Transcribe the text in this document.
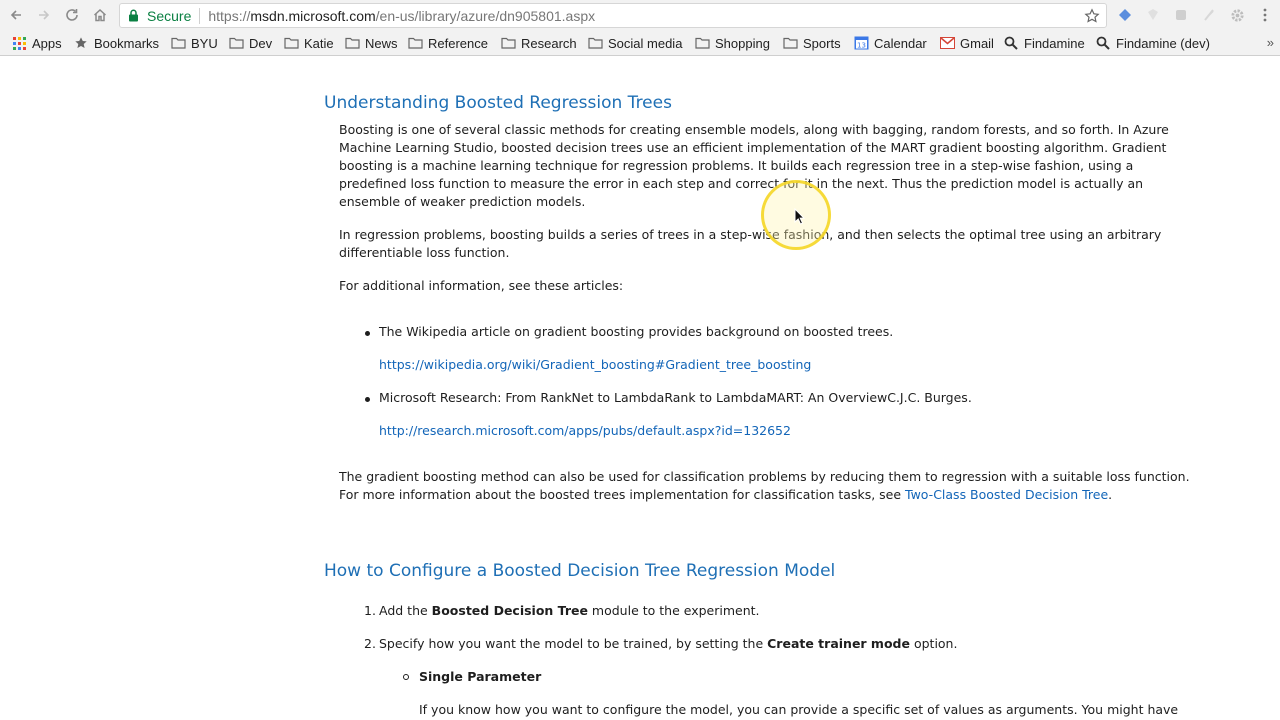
Secure https://msdn.microsoft.com/en-us/library/azure/dn905801.aspx
Apps Bookmarks BYU Dev Katie News Reference	Research Social media	Shopping	Sports 13 Calendar	Gmail Findamine Findamine (dev)	»
Understanding Boosted Regression Trees

Boosting is one of several classic methods for creating ensemble models, along with bagging, random forests, and so forth. In Azure Machine Learning Studio, boosted decision trees use an efficient implementation of the MART gradient boosting algorithm. Gradient boosting is a machine learning technique for regression problems. It builds each regression tree in a step-wise fashion, using a predefined loss function to measure the error in each step and correct for it in the next. Thus the prediction model is actually an ensemble of weaker prediction models.

In regression problems, boosting builds a series of trees in a step-wise fashion, and then selects the optimal tree using an arbitrary differentiable loss function.

For additional information, see these articles:

The Wikipedia article on gradient boosting provides background on boosted trees.

https://wikipedia.org/wiki/Gradient_boosting#Gradient_tree_boosting

Microsoft Research: From RankNet to LambdaRank to LambdaMART: An OverviewC.J.C. Burges.

http://research.microsoft.com/apps/pubs/default.aspx?id=132652

The gradient boosting method can also be used for classification problems by reducing them to regression with a suitable loss function. For more information about the boosted trees implementation for classification tasks, see Two-Class Boosted Decision Tree.

How to Configure a Boosted Decision Tree Regression Model
1. Add the Boosted Decision Tree module to the experiment.

2. Specify how you want the model to be trained, by setting the Create trainer mode option.

Single Parameter

If you know how you want to configure the model, you can provide a specific set of values as arguments. You might have
